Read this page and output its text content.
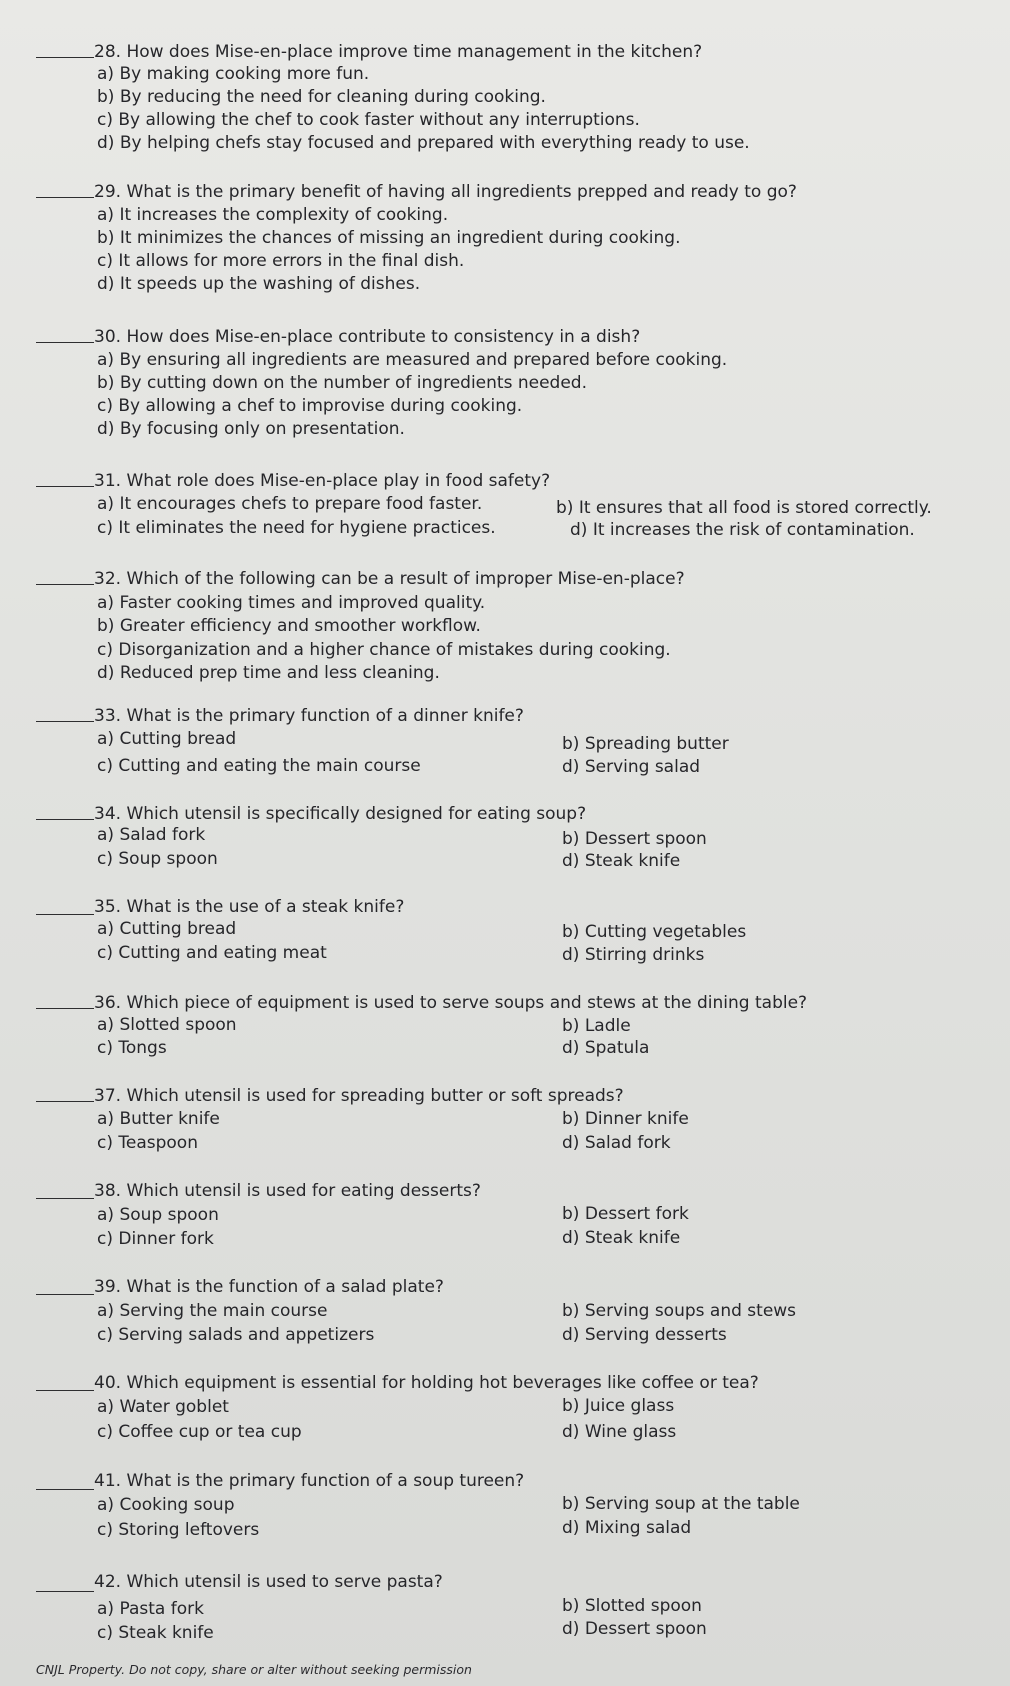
28. How does Mise-en-place improve time management in the kitchen?
a) By making cooking more fun.
b) By reducing the need for cleaning during cooking.
c) By allowing the chef to cook faster without any interruptions.
d) By helping chefs stay focused and prepared with everything ready to use.
29. What is the primary benefit of having all ingredients prepped and ready to go?
a) It increases the complexity of cooking.
b) It minimizes the chances of missing an ingredient during cooking.
c) It allows for more errors in the final dish.
d) It speeds up the washing of dishes.
30. How does Mise-en-place contribute to consistency in a dish?
a) By ensuring all ingredients are measured and prepared before cooking.
b) By cutting down on the number of ingredients needed.
c) By allowing a chef to improvise during cooking.
d) By focusing only on presentation.
31. What role does Mise-en-place play in food safety?
a) It encourages chefs to prepare food faster.	b) It ensures that all food is stored correctly.
c) It eliminates the need for hygiene practices.	d) It increases the risk of contamination.
32. Which of the following can be a result of improper Mise-en-place?
a) Faster cooking times and improved quality.
b) Greater efficiency and smoother workflow.
c) Disorganization and a higher chance of mistakes during cooking.
d) Reduced prep time and less cleaning.
33. What is the primary function of a dinner knife?
a) Cutting bread	b) Spreading butter
c) Cutting and eating the main course	d) Serving salad
34. Which utensil is specifically designed for eating soup?
a) Salad fork	b) Dessert spoon
c) Soup spoon	d) Steak knife
35. What is the use of a steak knife?
a) Cutting bread	b) Cutting vegetables
c) Cutting and eating meat	d) Stirring drinks
36. Which piece of equipment is used to serve soups and stews at the dining table?
a) Slotted spoon	b) Ladle
c) Tongs	d) Spatula
37. Which utensil is used for spreading butter or soft spreads?
a) Butter knife	b) Dinner knife
c) Teaspoon	d) Salad fork
38. Which utensil is used for eating desserts?
a) Soup spoon	b) Dessert fork
c) Dinner fork	d) Steak knife
39. What is the function of a salad plate?
a) Serving the main course	b) Serving soups and stews
c) Serving salads and appetizers	d) Serving desserts
40. Which equipment is essential for holding hot beverages like coffee or tea?
a) Water goblet	b) Juice glass
c) Coffee cup or tea cup	d) Wine glass
41. What is the primary function of a soup tureen?
a) Cooking soup	b) Serving soup at the table
c) Storing leftovers	d) Mixing salad
42. Which utensil is used to serve pasta?
a) Pasta fork	b) Slotted spoon
c) Steak knife	d) Dessert spoon
CNJL Property. Do not copy, share or alter without seeking permission
